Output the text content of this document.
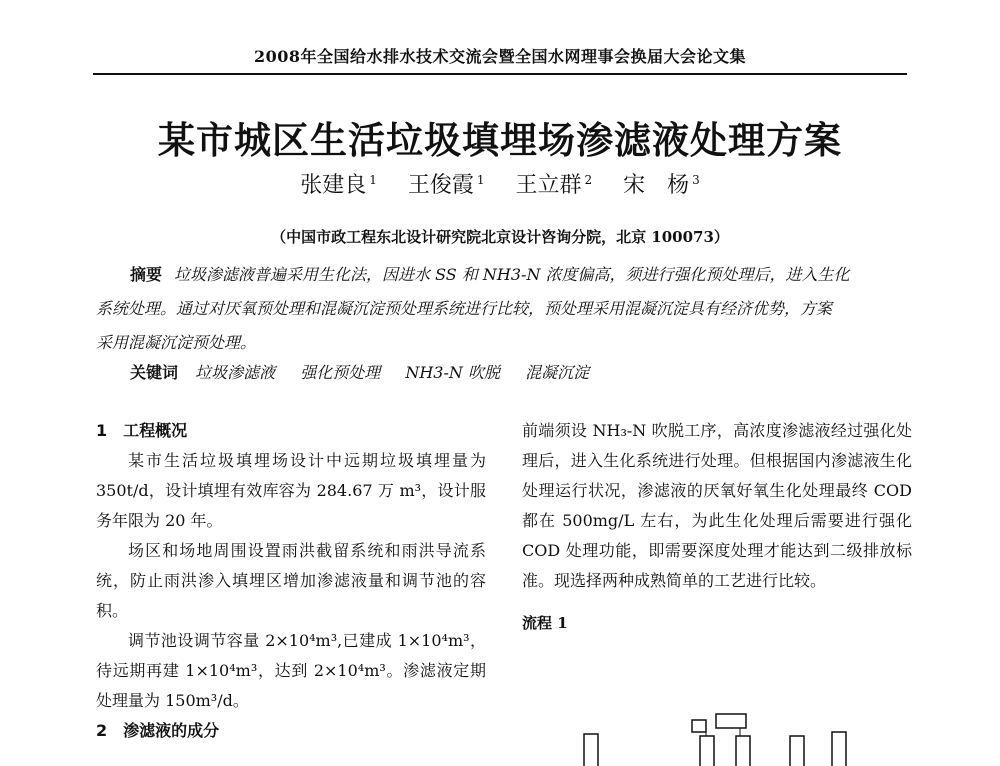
2008年全国给水排水技术交流会暨全国水网理事会换届大会论文集
某市城区生活垃圾填埋场渗滤液处理方案
张建良 $^1$ 王俊霞 $^1$ 王立群 $^2$ 宋　杨 $^3$
（中国市政工程东北设计研究院北京设计咨询分院，北京 100073）
摘要 垃圾渗滤液普遍采用生化法，因进水 SS 和 NH3-N 浓度偏高，须进行强化预处理后，进入生化
系统处理。通过对厌氧预处理和混凝沉淀预处理系统进行比较，预处理采用混凝沉淀具有经济优势，方案
采用混凝沉淀预处理。
关键词 垃圾渗滤液 强化预处理 NH3-N 吹脱 混凝沉淀

1　工程概况

某市生活垃圾填埋场设计中远期垃圾填埋量为 350t/d，设计填埋有效库容为 284.67 万 m³，设计服务年限为 20 年。

场区和场地周围设置雨洪截留系统和雨洪导流系统，防止雨洪渗入填埋区增加渗滤液量和调节池的容积。

调节池设调节容量 2×10⁴m³,已建成 1×10⁴m³，待远期再建 1×10⁴m³，达到 2×10⁴m³。渗滤液定期处理量为 150m³/d。

2　渗滤液的成分

前端须设 NH₃-N 吹脱工序，高浓度渗滤液经过强化处理后，进入生化系统进行处理。但根据国内渗滤液生化处理运行状况，渗滤液的厌氧好氧生化处理最终 COD 都在 500mg/L 左右，为此生化处理后需要进行强化 COD 处理功能，即需要深度处理才能达到二级排放标准。现选择两种成熟简单的工艺进行比较。

流程 1
